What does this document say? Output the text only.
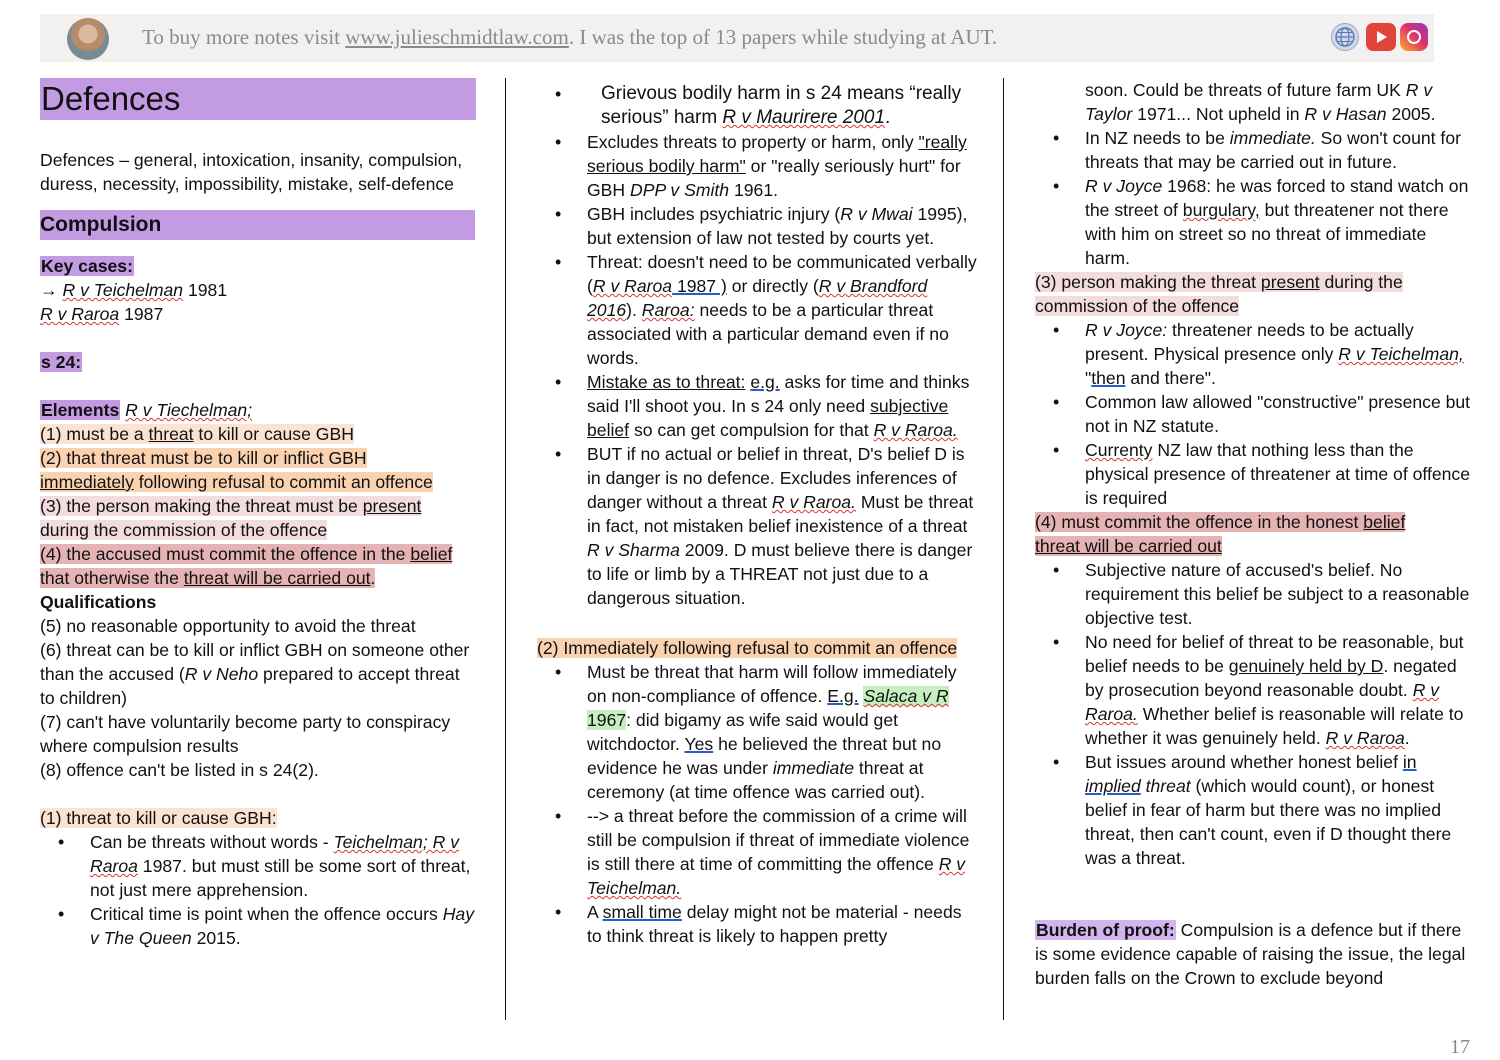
To buy more notes visit www.julieschmidtlaw.com. I was the top of 13 papers while studying at AUT.
Defences

Defences – general, intoxication, insanity, compulsion, duress, necessity, impossibility, mistake, self-defence

Compulsion

Key cases:

→ R v Teichelman 1981

R v Raroa 1987

s 24:

Elements R v Tiechelman;

(1) must be a threat to kill or cause GBH

(2) that threat must be to kill or inflict GBH
immediately following refusal to commit an offence

(3) the person making the threat must be present
during the commission of the offence

(4) the accused must commit the offence in the belief
that otherwise the threat will be carried out.

Qualifications

(5) no reasonable opportunity to avoid the threat

(6) threat can be to kill or inflict GBH on someone other than the accused (R v Neho prepared to accept threat to children)

(7) can't have voluntarily become party to conspiracy where compulsion results

(8) offence can't be listed in s 24(2).

(1) threat to kill or cause GBH:

• Can be threats without words - Teichelman; R v Raroa 1987. but must still be some sort of threat, not just mere apprehension.
• Critical time is point when the offence occurs Hay v The Queen 2015.
• Grievous bodily harm in s 24 means “really serious” harm R v Maurirere 2001.
• Excludes threats to property or harm, only "really serious bodily harm" or "really seriously hurt" for GBH DPP v Smith 1961.
• GBH includes psychiatric injury (R v Mwai 1995), but extension of law not tested by courts yet.
• Threat: doesn't need to be communicated verbally (R v Raroa 1987 ) or directly (R v Brandford 2016). Raroa: needs to be a particular threat associated with a particular demand even if no words.
• Mistake as to threat: e.g. asks for time and thinks said I'll shoot you. In s 24 only need subjective belief so can get compulsion for that R v Raroa.
• BUT if no actual or belief in threat, D's belief D is in danger is no defence. Excludes inferences of danger without a threat R v Raroa. Must be threat in fact, not mistaken belief inexistence of a threat R v Sharma 2009. D must believe there is danger to life or limb by a THREAT not just due to a dangerous situation.

(2) Immediately following refusal to commit an offence

• Must be threat that harm will follow immediately on non-compliance of offence. E.g. Salaca v R 1967: did bigamy as wife said would get witchdoctor. Yes he believed the threat but no evidence he was under immediate threat at ceremony (at time offence was carried out).
• --> a threat before the commission of a crime will still be compulsion if threat of immediate violence is still there at time of committing the offence R v Teichelman.
• A small time delay might not be material - needs to think threat is likely to happen pretty
soon. Could be threats of future farm UK R v Taylor 1971... Not upheld in R v Hasan 2005.
• In NZ needs to be immediate. So won't count for threats that may be carried out in future.
• R v Joyce 1968: he was forced to stand watch on the street of burgulary, but threatener not there with him on street so no threat of immediate harm.

(3) person making the threat present during the commission of the offence

• R v Joyce: threatener needs to be actually present. Physical presence only R v Teichelman, "then and there".
• Common law allowed "constructive" presence but not in NZ statute.
• Currenty NZ law that nothing less than the physical presence of threatener at time of offence is required

(4) must commit the offence in the honest belief
threat will be carried out

• Subjective nature of accused's belief. No requirement this belief be subject to a reasonable objective test.
• No need for belief of threat to be reasonable, but belief needs to be genuinely held by D. negated by prosecution beyond reasonable doubt. R v Raroa. Whether belief is reasonable will relate to whether it was genuinely held. R v Raroa.
• But issues around whether honest belief in
implied threat (which would count), or honest belief in fear of harm but there was no implied threat, then can't count, even if D thought there was a threat.

Burden of proof: Compulsion is a defence but if there is some evidence capable of raising the issue, the legal burden falls on the Crown to exclude beyond

17
